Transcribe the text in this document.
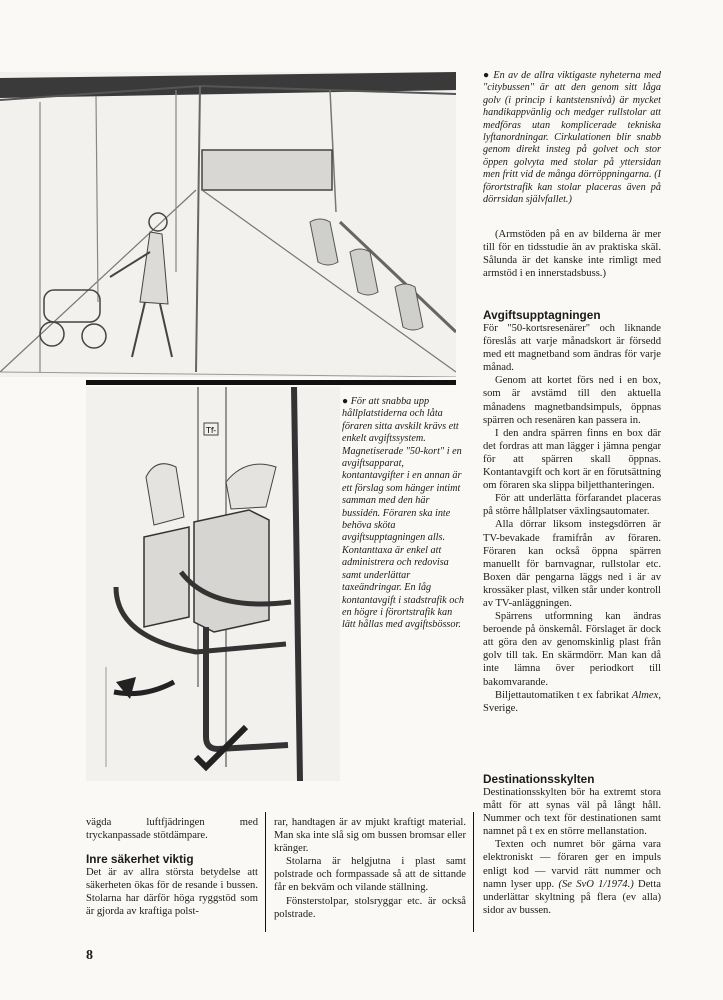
Tf-
● För att snabba upp hållplatstiderna och låta föraren sitta avskilt krävs ett enkelt avgiftssystem. Magnetiserade "50-kort" i en avgiftsapparat, kontantavgifter i en annan är ett förslag som hänger intimt samman med den här bussidén. Föraren ska inte behöva sköta avgiftsupptagningen alls. Kontanttaxa är enkel att administrera och redovisa samt underlättar taxeändringar. En låg kontantavgift i stadstrafik och en högre i förortstrafik kan lätt hållas med avgiftsbössor.
● En av de allra viktigaste nyheterna med "citybussen" är att den genom sitt låga golv (i princip i kantstensnivå) är mycket handikappvänlig och medger rullstolar att medföras utan komplicerade tekniska lyftanordningar. Cirkulationen blir snabb genom direkt insteg på golvet och stor öppen golvyta med stolar på yttersidan men fritt vid de många dörröppningarna. (I förortstrafik kan stolar placeras även på dörrsidan självfallet.)

(Armstöden på en av bilderna är mer till för en tidsstudie än av praktiska skäl. Sålunda är det kanske inte rimligt med armstöd i en innerstadsbuss.)

Avgiftsupptagningen

För "50-kortsresenärer" och liknande föreslås att varje månadskort är försedd med ett magnetband som ändras för varje månad.

Genom att kortet förs ned i en box, som är avstämd till den aktuella månadens magnetbandsimpuls, öppnas spärren och resenären kan passera in.

I den andra spärren finns en box där det fordras att man lägger i jämna pengar för att spärren skall öppnas. Kontantavgift och kort är en förutsättning om föraren ska slippa biljetthanteringen.

För att underlätta förfarandet placeras på större hållplatser växlingsautomater.

Alla dörrar liksom instegsdörren är TV-bevakade framifrån av föraren. Föraren kan också öppna spärren manuellt för barnvagnar, rullstolar etc. Boxen där pengarna läggs ned i är av krossäker plast, vilken står under kontroll av TV-anläggningen.

Spärrens utformning kan ändras beroende på önskemål. Förslaget är dock att göra den av genomskinlig plast från golv till tak. En skärmdörr. Man kan då inte lämna över periodkort till bakomvarande.

Biljettautomatiken t ex fabrikat Almex, Sverige.

Destinationsskylten

Destinationsskylten bör ha extremt stora mått för att synas väl på långt håll. Nummer och text för destinationen samt namnet på t ex en större mellanstation.

Texten och numret bör gärna vara elektroniskt — föraren ger en impuls enligt kod — varvid rätt nummer och namn lyser upp. (Se SvO 1/1974.) Detta underlättar skyltning på flera (ev alla) sidor av bussen.

vägda luftfjädringen med tryckanpassade stötdämpare.

Inre säkerhet viktig

Det är av allra största betydelse att säkerheten ökas för de resande i bussen. Stolarna har därför höga ryggstöd som är gjorda av kraftiga polst-

rar, handtagen är av mjukt kraftigt material. Man ska inte slå sig om bussen bromsar eller kränger.

Stolarna är helgjutna i plast samt polstrade och formpassade så att de sittande får en bekväm och vilande ställning.

Fönsterstolpar, stolsryggar etc. är också polstrade.

8
